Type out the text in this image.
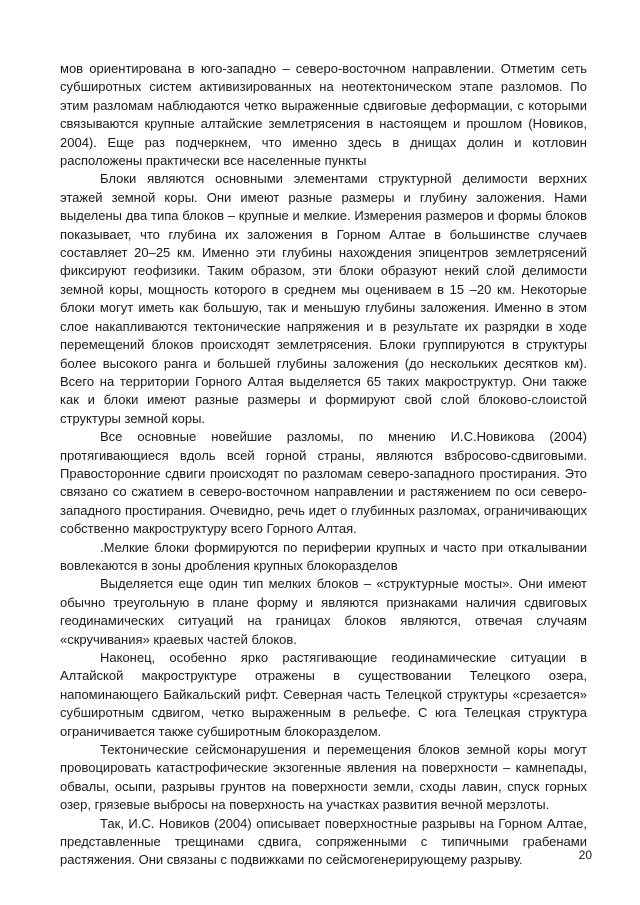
мов ориентирована в юго-западно – северо-восточном направлении. Отметим сеть субширотных систем активизированных на неотектоническом этапе разломов. По этим разломам наблюдаются четко выраженные сдвиговые деформации, с которыми связываются крупные алтайские землетрясения в настоящем и прошлом (Новиков, 2004). Еще раз подчеркнем, что именно здесь в днищах долин и котловин расположены практически все населенные пункты

Блоки являются основными элементами структурной делимости верхних этажей земной коры. Они имеют разные размеры и глубину заложения. Нами выделены два типа блоков – крупные и мелкие. Измерения размеров и формы блоков показывает, что глубина их заложения в Горном Алтае в большинстве случаев составляет 20–25 км. Именно эти глубины нахождения эпицентров землетрясений фиксируют геофизики. Таким образом, эти блоки образуют некий слой делимости земной коры, мощность которого в среднем мы оцениваем в 15 –20 км. Некоторые блоки могут иметь как большую, так и меньшую глубины заложения. Именно в этом слое накапливаются тектонические напряжения и в результате их разрядки в ходе перемещений блоков происходят землетрясения. Блоки группируются в структуры более высокого ранга и большей глубины заложения (до нескольких десятков км). Всего на территории Горного Алтая выделяется 65 таких макроструктур. Они также как и блоки имеют разные размеры и формируют свой слой блоково-слоистой структуры земной коры.

Все основные новейшие разломы, по мнению И.С.Новикова (2004) протягивающиеся вдоль всей горной страны, являются взбросово-сдвиговыми. Правосторонние сдвиги происходят по разломам северо-западного простирания. Это связано со сжатием в северо-восточном направлении и растяжением по оси северо-западного простирания. Очевидно, речь идет о глубинных разломах, ограничивающих собственно макроструктуру всего Горного Алтая.

.Мелкие блоки формируются по периферии крупных и часто при откалывании вовлекаются в зоны дробления крупных блокоразделов

Выделяется еще один тип мелких блоков – «структурные мосты». Они имеют обычно треугольную в плане форму и являются признаками наличия сдвиговых геодинамических ситуаций на границах блоков являются, отвечая случаям «скручивания» краевых частей блоков.

Наконец, особенно ярко растягивающие геодинамические ситуации в Алтайской макроструктуре отражены в существовании Телецкого озера, напоминающего Байкальский рифт. Северная часть Телецкой структуры «срезается» субширотным сдвигом, четко выраженным в рельефе. С юга Телецкая структура ограничивается также субширотным блокоразделом.

Тектонические сейсмонарушения и перемещения блоков земной коры могут провоцировать катастрофические экзогенные явления на поверхности – камнепады, обвалы, осыпи, разрывы грунтов на поверхности земли, сходы лавин, спуск горных озер, грязевые выбросы на поверхность на участках развития вечной мерзлоты.

Так, И.С. Новиков (2004) описывает поверхностные разрывы на Горном Алтае, представленные трещинами сдвига, сопряженными с типичными грабенами растяжения. Они связаны с подвижками по сейсмогенерирующему разрыву.	20
